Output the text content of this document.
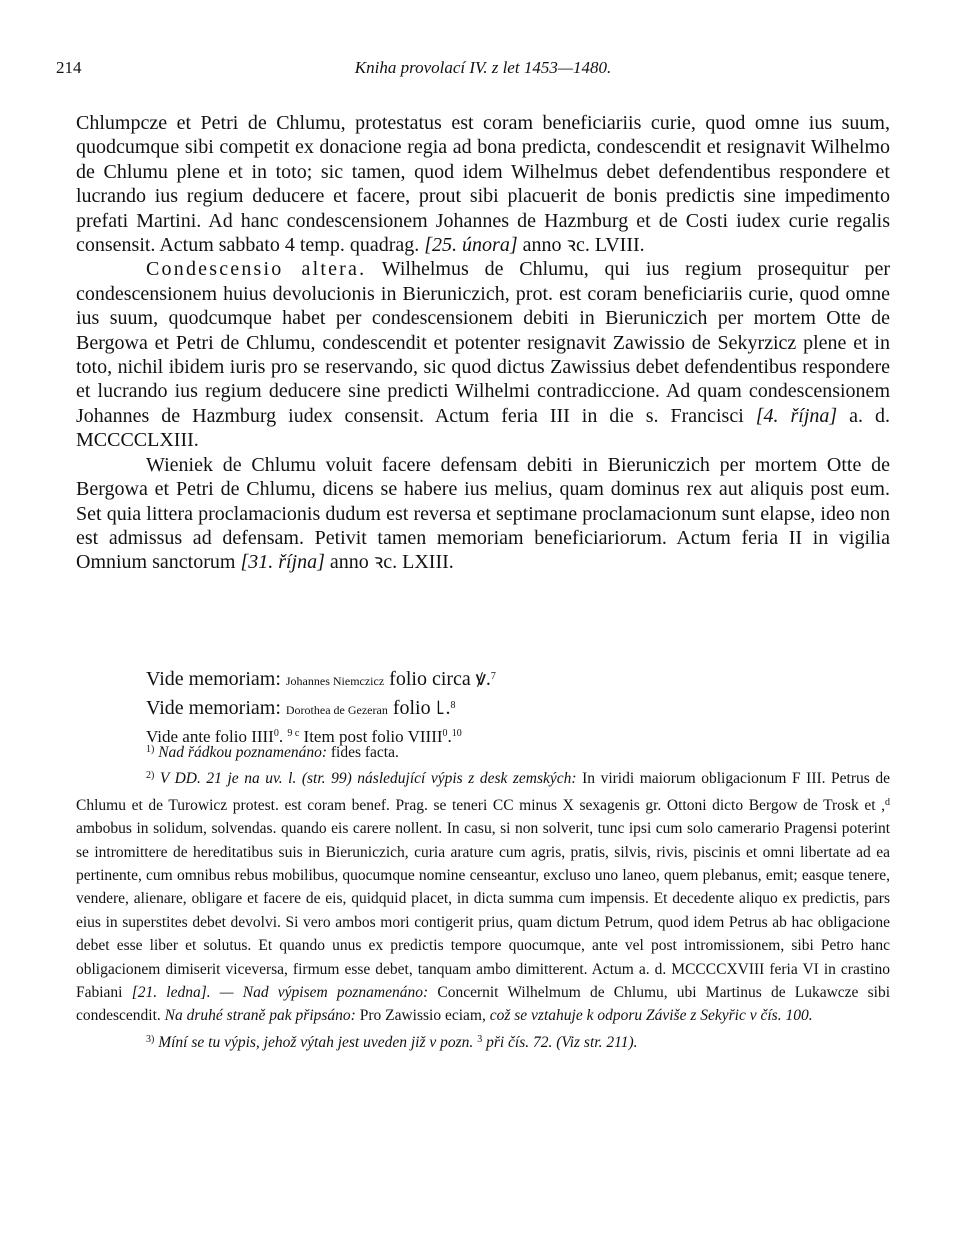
214	Kniha provolací IV. z let 1453—1480.

Chlumpcze et Petri de Chlumu, protestatus est coram beneficiariis curie, quod omne ius suum, quodcumque sibi competit ex donacione regia ad bona predicta, condescendit et resignavit Wilhelmo de Chlumu plene et in toto; sic tamen, quod idem Wilhelmus debet defendentibus respondere et lucrando ius regium deducere et facere, prout sibi placuerit de bonis predictis sine impedimento prefati Martini. Ad hanc condescensionem Johannes de Hazmburg et de Costi iudex curie regalis consensit. Actum sabbato 4 temp. quadrag. [25. února] anno ꝛc. LVIII.

Condescensio altera. Wilhelmus de Chlumu, qui ius regium prosequitur per condescensionem huius devolucionis in Bieruniczich, prot. est coram beneficiariis curie, quod omne ius suum, quodcumque habet per condescensionem debiti in Bieruniczich per mortem Otte de Bergowa et Petri de Chlumu, condescendit et potenter resignavit Zawissio de Sekyrzicz plene et in toto, nichil ibidem iuris pro se reservando, sic quod dictus Zawissius debet defendentibus respondere et lucrando ius regium deducere sine predicti Wilhelmi contradiccione. Ad quam condescensionem Johannes de Hazmburg iudex consensit. Actum feria III in die s. Francisci [4. října] a. d. MCCCCLXIII.

Wieniek de Chlumu voluit facere defensam debiti in Bieruniczich per mortem Otte de Bergowa et Petri de Chlumu, dicens se habere ius melius, quam dominus rex aut aliquis post eum. Set quia littera proclamacionis dudum est reversa et septimane proclamacionum sunt elapse, ideo non est admissus ad defensam. Petivit tamen memoriam beneficiariorum. Actum feria II in vigilia Omnium sanctorum [31. října] anno ꝛc. LXIII.

Vide memoriam: Johannes Niemczicz folio circa ꝟ.$^7$

Vide memoriam: Dorothea de Gezeran folio ꜖.$^8$

Vide ante folio IIII$^0$. $^9$ $^c$ Item post folio VIIII$^0$.$^{10}$

$^{1)}$ Nad řádkou poznamenáno: fides facta.

$^{2)}$ V DD. 21 je na uv. l. (str. 99) následující výpis z desk zemských: In viridi maiorum obligacionum F III. Petrus de Chlumu et de Turowicz protest. est coram benef. Prag. se teneri CC minus X sexagenis gr. Ottoni dicto Bergow de Trosk et ,$^d$ ambobus in solidum, solvendas. quando eis carere nollent. In casu, si non solverit, tunc ipsi cum solo camerario Pragensi poterint se intromittere de hereditatibus suis in Bieruniczich, curia arature cum agris, pratis, silvis, rivis, piscinis et omni libertate ad ea pertinente, cum omnibus rebus mobilibus, quocumque nomine censeantur, excluso uno laneo, quem plebanus, emit; easque tenere, vendere, alienare, obligare et facere de eis, quidquid placet, in dicta summa cum impensis. Et decedente aliquo ex predictis, pars eius in superstites debet devolvi. Si vero ambos mori contigerit prius, quam dictum Petrum, quod idem Petrus ab hac obligacione debet esse liber et solutus. Et quando unus ex predictis tempore quocumque, ante vel post intromissionem, sibi Petro hanc obligacionem dimiserit viceversa, firmum esse debet, tanquam ambo dimitterent. Actum a. d. MCCCCXVIII feria VI in crastino Fabiani [21. ledna]. — Nad výpisem poznamenáno: Concernit Wilhelmum de Chlumu, ubi Martinus de Lukawcze sibi condescendit. Na druhé straně pak připsáno: Pro Zawissio eciam, což se vztahuje k odporu Záviše z Sekyřic v čís. 100.

$^{3)}$ Míní se tu výpis, jehož výtah jest uveden již v pozn. $^3$ při čís. 72. (Viz str. 211).
